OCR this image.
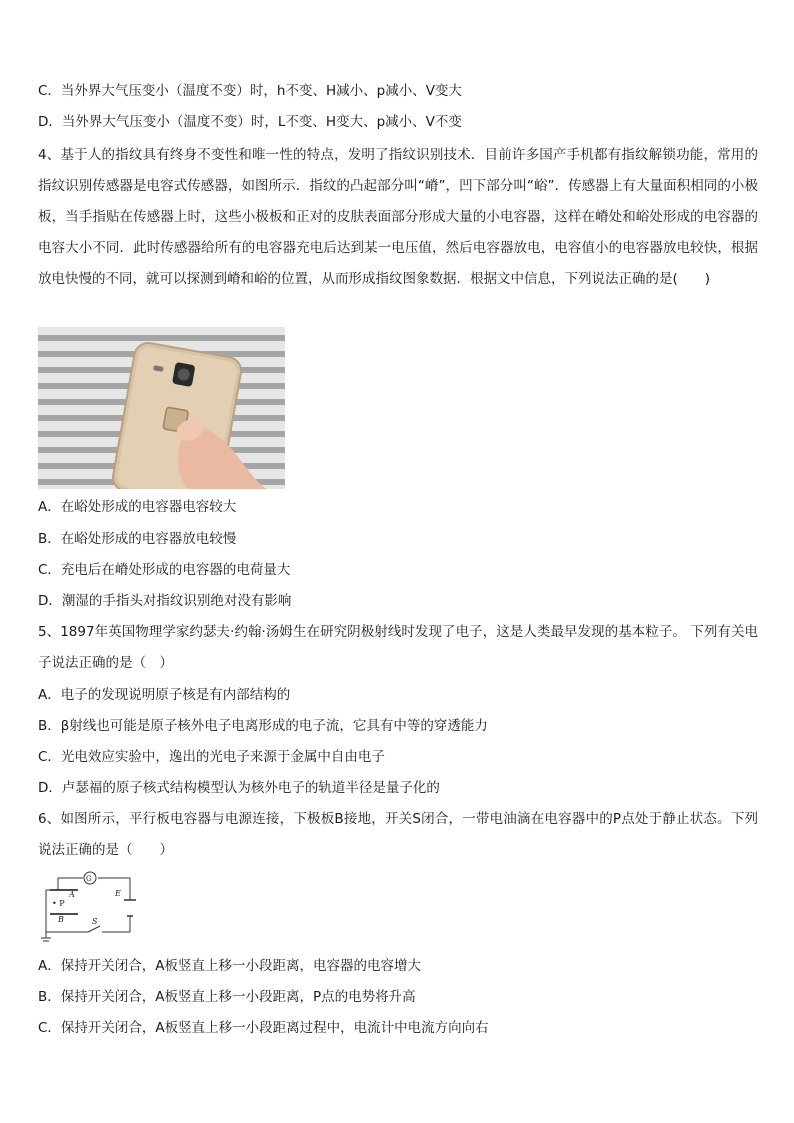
C．当外界大气压变小（温度不变）时，h不变、H减小、p减小、V变大
D．当外界大气压变小（温度不变）时，L不变、H变大、p减小、V不变
4、基于人的指纹具有终身不变性和唯一性的特点，发明了指纹识别技术．目前许多国产手机都有指纹解锁功能，常用的指纹识别传感器是电容式传感器，如图所示．指纹的凸起部分叫“嵴”，凹下部分叫“峪”．传感器上有大量面积相同的小极板，当手指贴在传感器上时，这些小极板和正对的皮肤表面部分形成大量的小电容器，这样在嵴处和峪处形成的电容器的电容大小不同．此时传感器给所有的电容器充电后达到某一电压值，然后电容器放电，电容值小的电容器放电较快，根据放电快慢的不同，就可以探测到嵴和峪的位置，从而形成指纹图象数据．根据文中信息，下列说法正确的是(　　)
A．在峪处形成的电容器电容较大
B．在峪处形成的电容器放电较慢
C．充电后在嵴处形成的电容器的电荷量大
D．潮湿的手指头对指纹识别绝对没有影响
5、1897年英国物理学家约瑟夫·约翰·汤姆生在研究阴极射线时发现了电子，这是人类最早发现的基本粒子。 下列有关电子说法正确的是（　）
A．电子的发现说明原子核是有内部结构的
B．β射线也可能是原子核外电子电离形成的电子流，它具有中等的穿透能力
C．光电效应实验中，逸出的光电子来源于金属中自由电子
D．卢瑟福的原子核式结构模型认为核外电子的轨道半径是量子化的
6、如图所示，平行板电容器与电源连接，下极板B接地，开关S闭合，一带电油滴在电容器中的P点处于静止状态。下列说法正确的是（　　）
G
A
• P
B	S
E
A．保持开关闭合，A板竖直上移一小段距离，电容器的电容增大
B．保持开关闭合，A板竖直上移一小段距离，P点的电势将升高
C．保持开关闭合，A板竖直上移一小段距离过程中，电流计中电流方向向右
